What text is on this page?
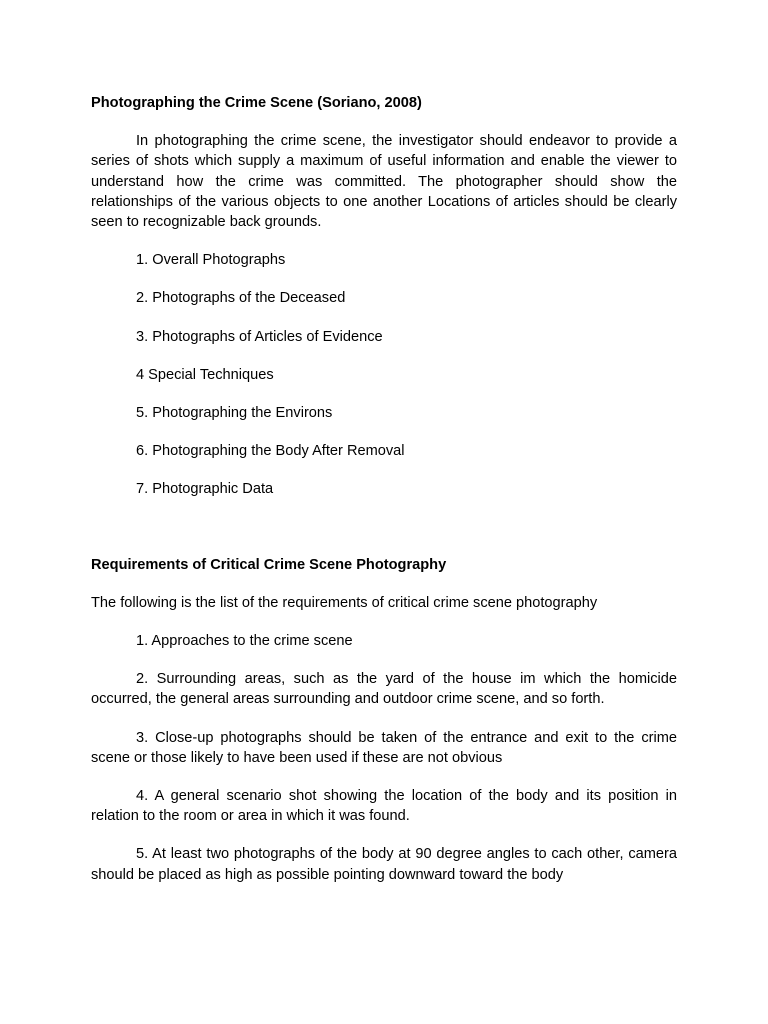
Photographing the Crime Scene (Soriano, 2008)
In photographing the crime scene, the investigator should endeavor to provide a series of shots which supply a maximum of useful information and enable the viewer to understand how the crime was committed. The photographer should show the relationships of the various objects to one another Locations of articles should be clearly seen to recognizable back grounds.
1. Overall Photographs
2. Photographs of the Deceased
3. Photographs of Articles of Evidence
4 Special Techniques
5. Photographing the Environs
6. Photographing the Body After Removal
7. Photographic Data
Requirements of Critical Crime Scene Photography
The following is the list of the requirements of critical crime scene photography
1. Approaches to the crime scene
2. Surrounding areas, such as the yard of the house im which the homicide occurred, the general areas surrounding and outdoor crime scene, and so forth.
3. Close-up photographs should be taken of the entrance and exit to the crime scene or those likely to have been used if these are not obvious
4. A general scenario shot showing the location of the body and its position in relation to the room or area in which it was found.
5. At least two photographs of the body at 90 degree angles to cach other, camera should be placed as high as possible pointing downward toward the body
